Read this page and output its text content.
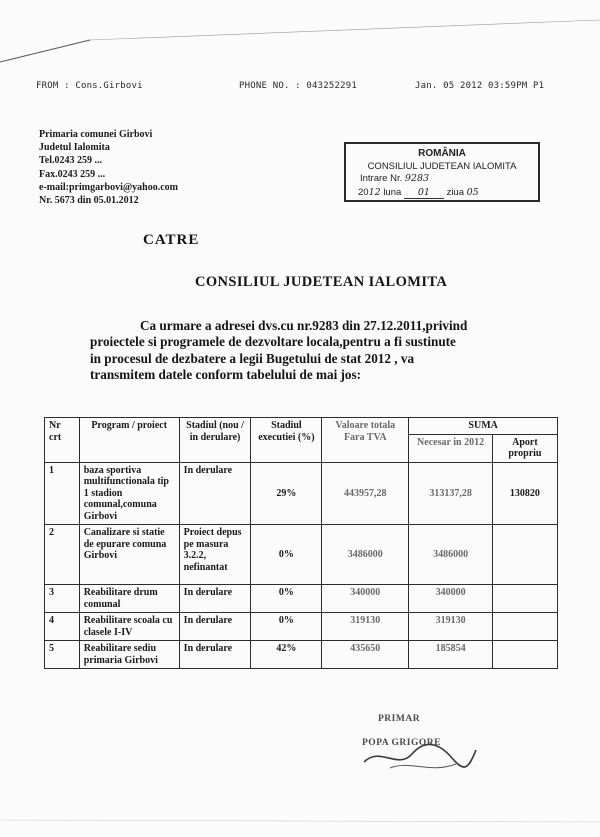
FROM : Cons.Girbovi	PHONE NO. : 043252291	Jan. 05 2012 03:59PM P1
Primaria comunei Girbovi
Judetul Ialomita
Tel.0243 259 ...
Fax.0243 259 ...
e-mail:primgarbovi@yahoo.com
Nr. 5673 din 05.01.2012
ROMÂNIA
CONSILIUL JUDETEAN IALOMITA
Intrare Nr. 9283
2012 luna 01 ziua 05
CATRE
CONSILIUL JUDETEAN IALOMITA
Ca urmare a adresei dvs.cu nr.9283 din 27.12.2011,privind
proiectele si programele de dezvoltare locala,pentru a fi sustinute
in procesul de dezbatere a legii Bugetului de stat 2012 , va
transmitem datele conform tabelului de mai jos:
Nr crt	Program / proiect	Stadiul (nou / in derulare)	Stadiul executiei (%)	Valoare totala Fara TVA	SUMA	
					Necesar in 2012	Aport propriu
1	baza sportiva multifunctionala tip 1 stadion comunal,comuna Girbovi	In derulare	29%	443957,28	313137,28	130820
2	Canalizare si statie de epurare comuna Girbovi	Proiect depus pe masura 3.2.2, nefinantat	0%	3486000	3486000	
3	Reabilitare drum comunal	In derulare	0%	340000	340000	
4	Reabilitare scoala cu clasele I-IV	In derulare	0%	319130	319130	
5	Reabilitare sediu primaria Girbovi	In derulare	42%	435650	185854	
PRIMAR
POPA GRIGORE
